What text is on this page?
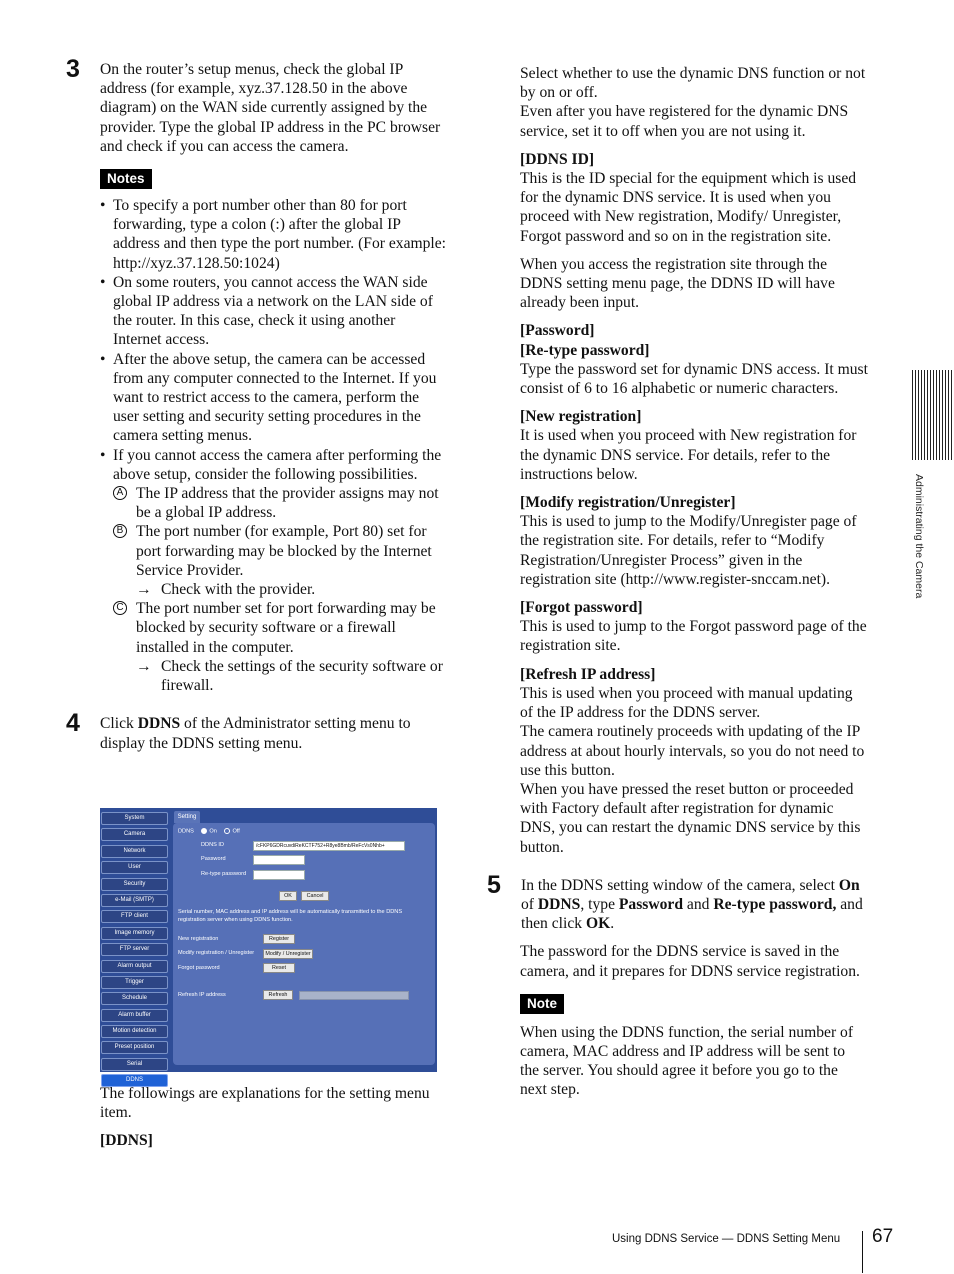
3 On the router’s setup menus, check the global IP address (for example, xyz.37.128.50 in the above diagram) on the WAN side currently assigned by the provider. Type the global IP address in the PC browser and check if you can access the camera.

Notes
• To specify a port number other than 80 for port forwarding, type a colon (:) after the global IP address and then type the port number. (For example: http://xyz.37.128.50:1024)
• On some routers, you cannot access the WAN side global IP address via a network on the LAN side of the router. In this case, check it using another Internet access.
• After the above setup, the camera can be accessed from any computer connected to the Internet. If you want to restrict access to the camera, perform the user setting and security setting procedures in the camera setting menus.
• If you cannot access the camera after performing the above setup, consider the following possibilities.
A The IP address that the provider assigns may not be a global IP address.
B The port number (for example, Port 80) set for port forwarding may be blocked by the Internet Service Provider.
→ Check with the provider.
C The port number set for port forwarding may be blocked by security software or a firewall installed in the computer.
→ Check the settings of the security software or firewall.
4 Click DDNS of the Administrator setting menu to display the DDNS setting menu.

System
Camera
Network
User
Security
e-Mail (SMTP)
FTP client
Image memory
FTP server
Alarm output
Trigger
Schedule
Alarm buffer
Motion detection
Preset position
Serial
DDNS
Setting
DDNS	On	Off
DDNS ID	/cFKP6GDRcuvdiReKCTF752+R8ye8Bmb/ReFcVs0Nhb+
Password
Re-type password
OK	Cancel
Serial number, MAC address and IP address will be automatically transmitted to the DDNS registration server when using DDNS function.
New registration	Register
Modify registration / Unregister	Modify / Unregister
Forgot password	Reset
Refresh IP address	Refresh

The followings are explanations for the setting menu item.

[DDNS]

Select whether to use the dynamic DNS function or not by on or off.

Even after you have registered for the dynamic DNS service, set it to off when you are not using it.

[DDNS ID]

This is the ID special for the equipment which is used for the dynamic DNS service. It is used when you proceed with New registration, Modify/ Unregister, Forgot password and so on in the registration site.

When you access the registration site through the DDNS setting menu page, the DDNS ID will have already been input.

[Password]
[Re-type password]

Type the password set for dynamic DNS access. It must consist of 6 to 16 alphabetic or numeric characters.

[New registration]

It is used when you proceed with New registration for the dynamic DNS service. For details, refer to the instructions below.

[Modify registration/Unregister]

This is used to jump to the Modify/Unregister page of the registration site. For details, refer to “Modify Registration/Unregister Process” given in the registration site (http://www.register-snccam.net).

[Forgot password]

This is used to jump to the Forgot password page of the registration site.

[Refresh IP address]

This is used when you proceed with manual updating of the IP address for the DDNS server.

The camera routinely proceeds with updating of the IP address at about hourly intervals, so you do not need to use this button.

When you have pressed the reset button or proceeded with Factory default after registration for dynamic DNS, you can restart the dynamic DNS service by this button.

5 In the DDNS setting window of the camera, select On of DDNS, type Password and Re-type password, and then click OK.

The password for the DDNS service is saved in the camera, and it prepares for DDNS service registration.

Note

When using the DDNS function, the serial number of camera, MAC address and IP address will be sent to the server. You should agree it before you go to the next step.

Administrating the Camera
Using DDNS Service — DDNS Setting Menu 67
